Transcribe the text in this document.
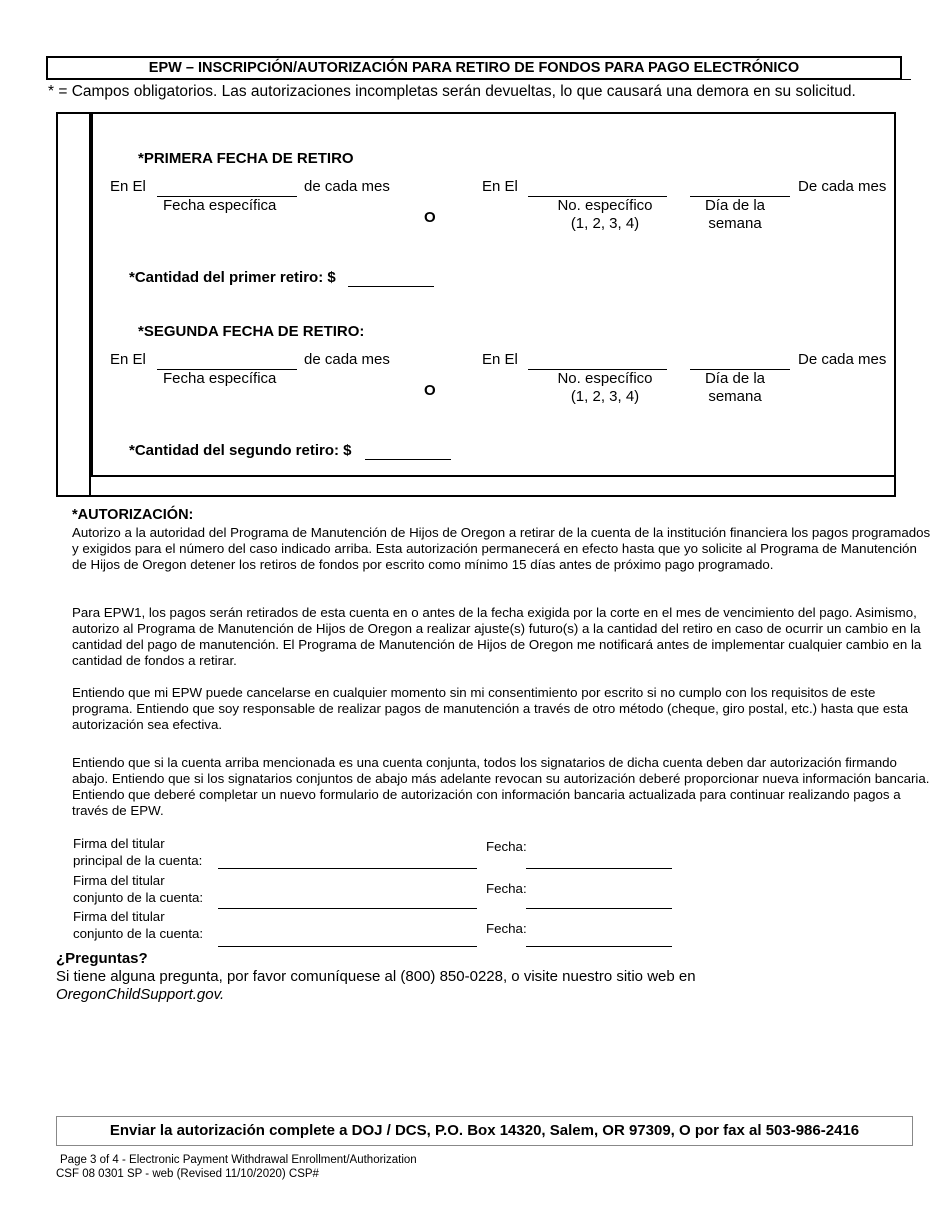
EPW – INSCRIPCIÓN/AUTORIZACIÓN PARA RETIRO DE FONDOS PARA PAGO ELECTRÓNICO
* = Campos obligatorios. Las autorizaciones incompletas serán devueltas, lo que causará una demora en su solicitud.
*PRIMERA FECHA DE RETIRO
En El	de cada mes
Fecha específica
O
En El
No. específico
(1, 2, 3, 4)
Día de la
semana
De cada mes
*Cantidad del primer retiro: $
*SEGUNDA FECHA DE RETIRO:
En El	de cada mes
Fecha específica
O
En El
No. específico
(1, 2, 3, 4)
Día de la
semana
De cada mes
*Cantidad del segundo retiro: $
*AUTORIZACIÓN:
Autorizo a la autoridad del Programa de Manutención de Hijos de Oregon a retirar de la cuenta de la institución financiera los pagos programados y exigidos para el número del caso indicado arriba. Esta autorización permanecerá en efecto hasta que yo solicite al Programa de Manutención de Hijos de Oregon detener los retiros de fondos por escrito como mínimo 15 días antes de próximo pago programado.
Para EPW1, los pagos serán retirados de esta cuenta en o antes de la fecha exigida por la corte en el mes de vencimiento del pago. Asimismo, autorizo al Programa de Manutención de Hijos de Oregon a realizar ajuste(s) futuro(s) a la cantidad del retiro en caso de ocurrir un cambio en la cantidad del pago de manutención. El Programa de Manutención de Hijos de Oregon me notificará antes de implementar cualquier cambio en la cantidad de fondos a retirar.
Entiendo que mi EPW puede cancelarse en cualquier momento sin mi consentimiento por escrito si no cumplo con los requisitos de este programa. Entiendo que soy responsable de realizar pagos de manutención a través de otro método (cheque, giro postal, etc.) hasta que esta autorización sea efectiva.
Entiendo que si la cuenta arriba mencionada es una cuenta conjunta, todos los signatarios de dicha cuenta deben dar autorización firmando abajo. Entiendo que si los signatarios conjuntos de abajo más adelante revocan su autorización deberé proporcionar nueva información bancaria. Entiendo que deberé completar un nuevo formulario de autorización con información bancaria actualizada para continuar realizando pagos a través de EPW.
Firma del titular
principal de la cuenta:
Fecha:
Firma del titular
conjunto de la cuenta:
Fecha:
Firma del titular
conjunto de la cuenta:	Fecha:
¿Preguntas?
Si tiene alguna pregunta, por favor comuníquese al (800) 850-0228, o visite nuestro sitio web en
OregonChildSupport.gov.
Enviar la autorización complete a DOJ / DCS, P.O. Box 14320, Salem, OR 97309, O por fax al 503-986-2416
Page 3 of 4 - Electronic Payment Withdrawal Enrollment/Authorization
CSF 08 0301 SP - web (Revised 11/10/2020) CSP#
